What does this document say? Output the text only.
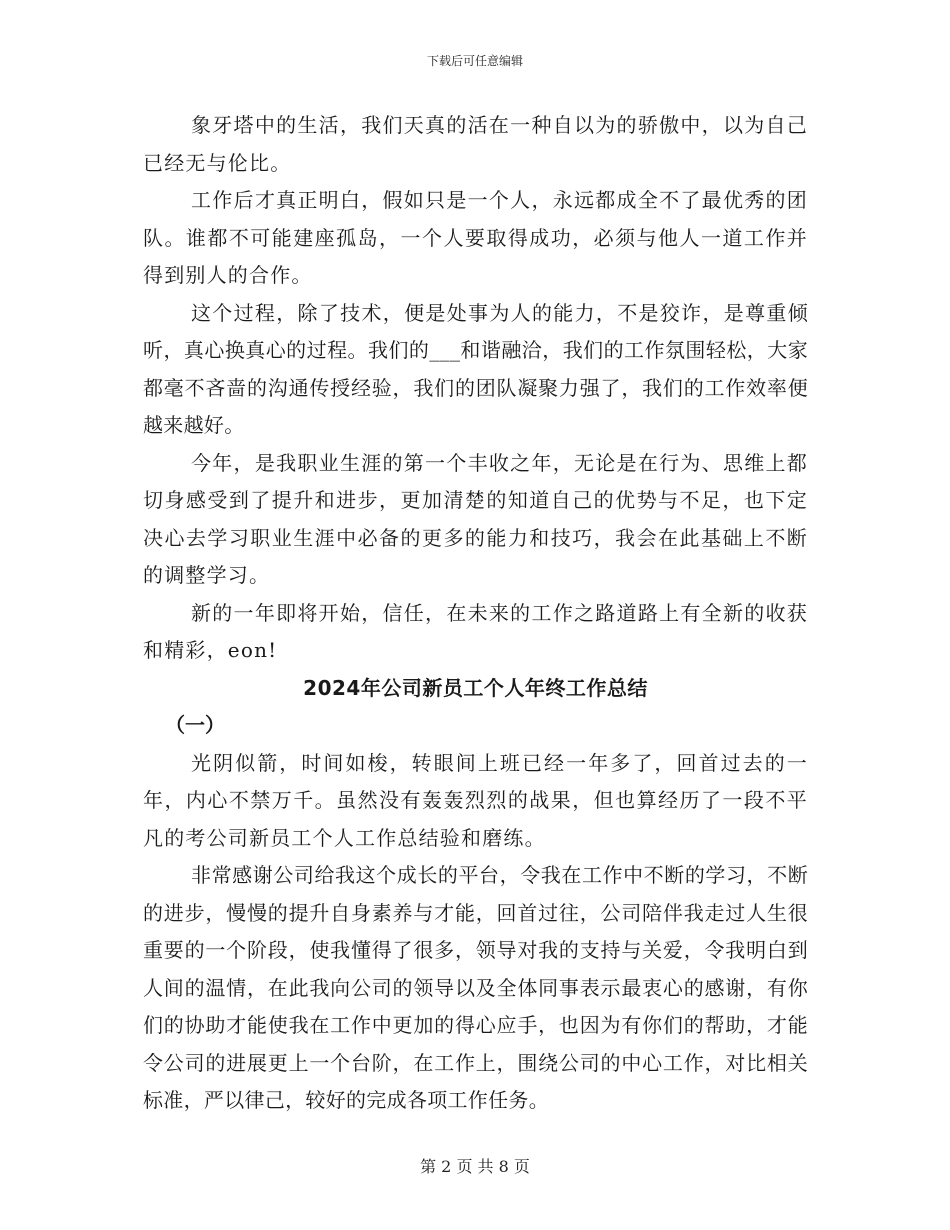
下载后可任意编辑

象牙塔中的生活，我们天真的活在一种自以为的骄傲中，以为自己已经无与伦比。

工作后才真正明白，假如只是一个人，永远都成全不了最优秀的团队。谁都不可能建座孤岛，一个人要取得成功，必须与他人一道工作并得到别人的合作。

这个过程，除了技术，便是处事为人的能力，不是狡诈，是尊重倾听，真心换真心的过程。我们的___和谐融洽，我们的工作氛围轻松，大家都毫不吝啬的沟通传授经验，我们的团队凝聚力强了，我们的工作效率便越来越好。

今年，是我职业生涯的第一个丰收之年，无论是在行为、思维上都切身感受到了提升和进步，更加清楚的知道自己的优势与不足，也下定决心去学习职业生涯中必备的更多的能力和技巧，我会在此基础上不断的调整学习。

新的一年即将开始，信任，在未来的工作之路道路上有全新的收获和精彩，eon!

2024年公司新员工个人年终工作总结

（一）

光阴似箭，时间如梭，转眼间上班已经一年多了，回首过去的一年，内心不禁万千。虽然没有轰轰烈烈的战果，但也算经历了一段不平凡的考公司新员工个人工作总结验和磨练。

非常感谢公司给我这个成长的平台，令我在工作中不断的学习，不断的进步，慢慢的提升自身素养与才能，回首过往，公司陪伴我走过人生很重要的一个阶段，使我懂得了很多，领导对我的支持与关爱，令我明白到人间的温情，在此我向公司的领导以及全体同事表示最衷心的感谢，有你们的协助才能使我在工作中更加的得心应手，也因为有你们的帮助，才能令公司的进展更上一个台阶，在工作上，围绕公司的中心工作，对比相关标准，严以律己，较好的完成各项工作任务。

第 2 页 共 8 页
